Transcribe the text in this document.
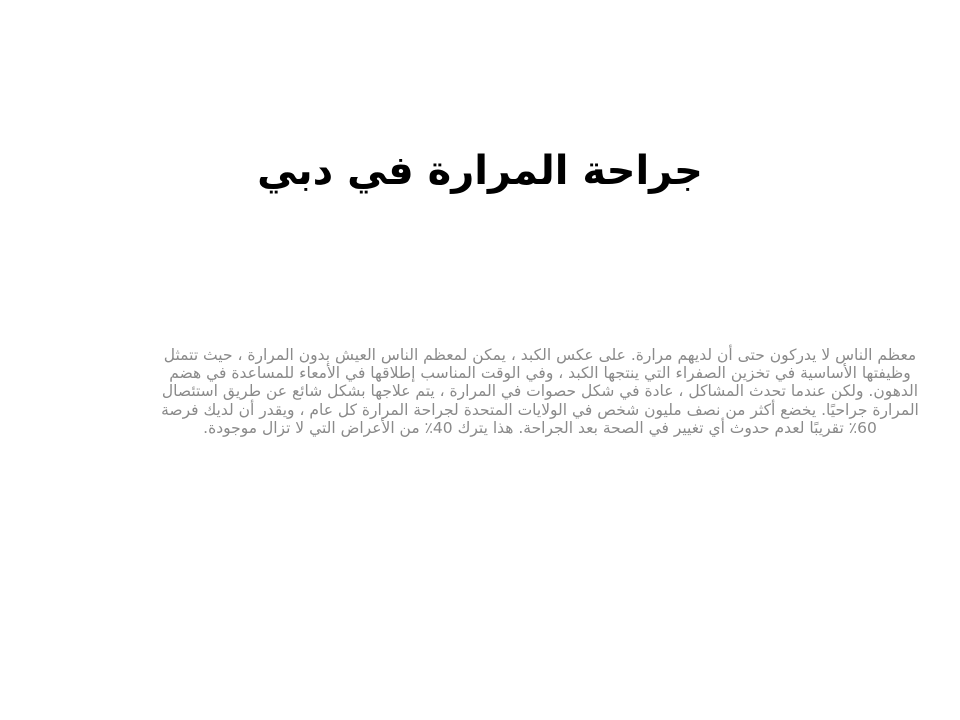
جراحة المرارة في دبي

معظم الناس لا يدركون حتى أن لديهم مرارة. على عكس الكبد ، يمكن لمعظم الناس العيش بدون المرارة ، حيث تتمثل وظيفتها الأساسية في تخزين الصفراء التي ينتجها الكبد ، وفي الوقت المناسب إطلاقها في الأمعاء للمساعدة في هضم الدهون. ولكن عندما تحدث المشاكل ، عادة في شكل حصوات في المرارة ، يتم علاجها بشكل شائع عن طريق استئصال المرارة جراحيًا. يخضع أكثر من نصف مليون شخص في الولايات المتحدة لجراحة المرارة كل عام ، ويقدر أن لديك فرصة 60٪ تقريبًا لعدم حدوث أي تغيير في الصحة بعد الجراحة. هذا يترك 40٪ من الأعراض التي لا تزال موجودة.
